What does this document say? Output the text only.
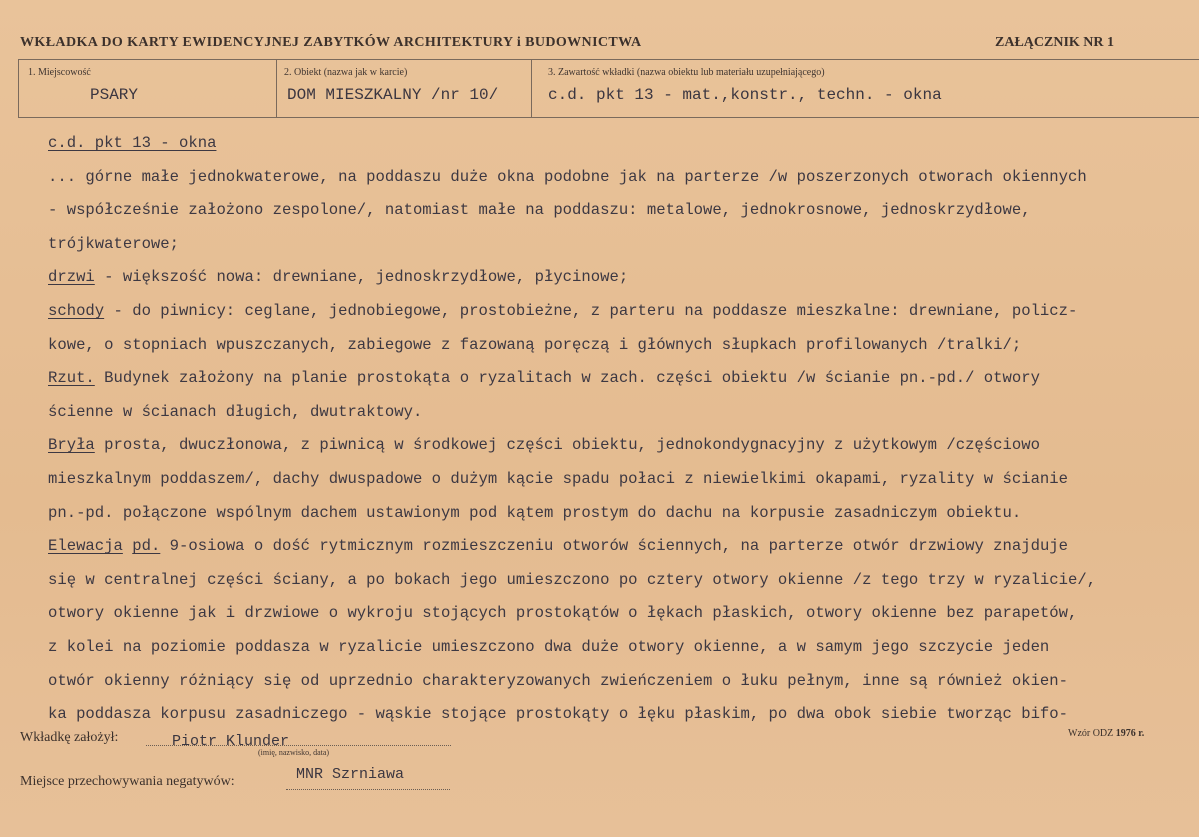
WKŁADKA DO KARTY EWIDENCYJNEJ ZABYTKÓW ARCHITEKTURY i BUDOWNICTWA	ZAŁĄCZNIK NR 1
1. Miejscowość
PSARY
2. Obiekt (nazwa jak w karcie)
DOM MIESZKALNY /nr 10/
3. Zawartość wkładki (nazwa obiektu lub materiału uzupełniającego)
c.d. pkt 13 - mat.,konstr., techn. - okna
c.d. pkt 13 - okna
... górne małe jednokwaterowe, na poddaszu duże okna podobne jak na parterze /w poszerzonych otworach okiennych
- współcześnie założono zespolone/, natomiast małe na poddaszu: metalowe, jednokrosnowe, jednoskrzydłowe,
trójkwaterowe;
drzwi - większość nowa: drewniane, jednoskrzydłowe, płycinowe;
schody - do piwnicy: ceglane, jednobiegowe, prostobieżne, z parteru na poddasze mieszkalne: drewniane, policz-
kowe, o stopniach wpuszczanych, zabiegowe z fazowaną poręczą i głównych słupkach profilowanych /tralki/;
Rzut. Budynek założony na planie prostokąta o ryzalitach w zach. części obiektu /w ścianie pn.-pd./ otwory
ścienne w ścianach długich, dwutraktowy.
Bryła prosta, dwuczłonowa, z piwnicą w środkowej części obiektu, jednokondygnacyjny z użytkowym /częściowo
mieszkalnym poddaszem/, dachy dwuspadowe o dużym kącie spadu połaci z niewielkimi okapami, ryzality w ścianie
pn.-pd. połączone wspólnym dachem ustawionym pod kątem prostym do dachu na korpusie zasadniczym obiektu.
Elewacja pd. 9-osiowa o dość rytmicznym rozmieszczeniu otworów ściennych, na parterze otwór drzwiowy znajduje
się w centralnej części ściany, a po bokach jego umieszczono po cztery otwory okienne /z tego trzy w ryzalicie/,
otwory okienne jak i drzwiowe o wykroju stojących prostokątów o łękach płaskich, otwory okienne bez parapetów,
z kolei na poziomie poddasza w ryzalicie umieszczono dwa duże otwory okienne, a w samym jego szczycie jeden
otwór okienny różniący się od uprzednio charakteryzowanych zwieńczeniem o łuku pełnym, inne są również okien-
ka poddasza korpusu zasadniczego - wąskie stojące prostokąty o łęku płaskim, po dwa obok siebie tworząc bifo-
Wkładkę założył:	Piotr Klunder
(imię, nazwisko, data)
Wzór ODZ 1976 r.
Miejsce przechowywania negatywów:	MNR Szrniawa
